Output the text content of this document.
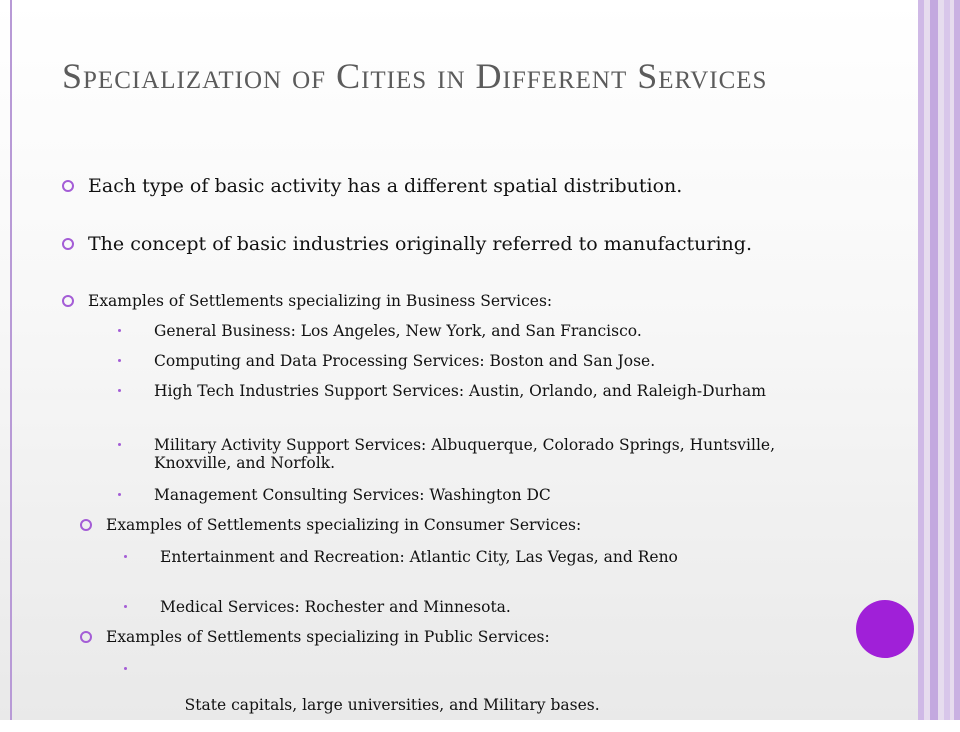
Specialization of Cities in Different Services
Each type of basic activity has a different spatial distribution.
The concept of basic industries originally referred to manufacturing.
Examples of Settlements specializing in Business Services:
General Business: Los Angeles, New York, and San Francisco.
Computing and Data Processing Services: Boston and San Jose.
High Tech Industries Support Services: Austin, Orlando, and Raleigh-Durham
Military Activity Support Services: Albuquerque, Colorado Springs, Huntsville, Knoxville, and Norfolk.
Management Consulting Services: Washington DC
Examples of Settlements specializing in Consumer Services:
Entertainment and Recreation: Atlantic City, Las Vegas, and Reno
Medical Services: Rochester and Minnesota.
Examples of Settlements specializing in Public Services:

State capitals, large universities, and Military bases.
